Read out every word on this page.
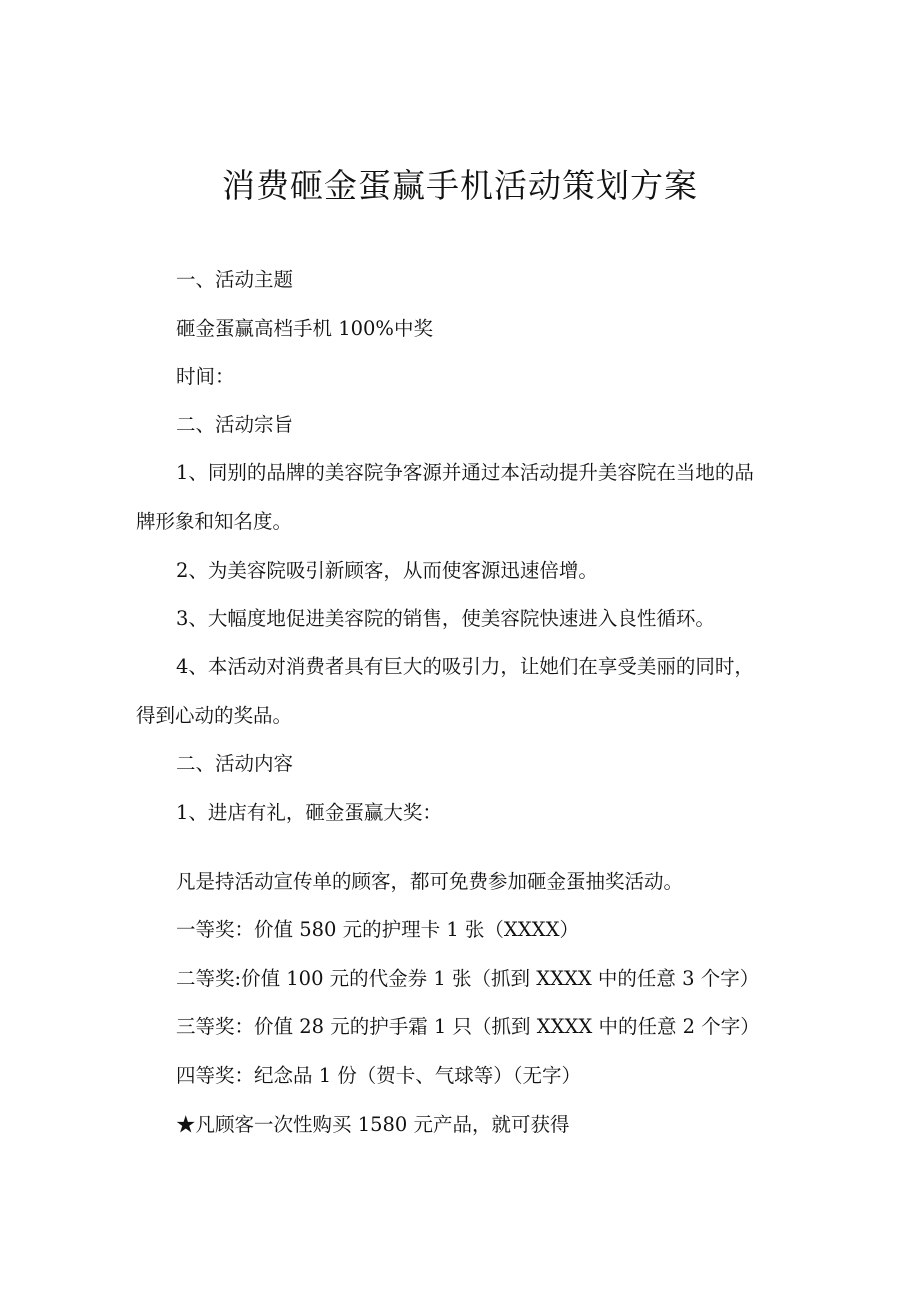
消费砸金蛋赢手机活动策划方案

一、活动主题

砸金蛋赢高档手机 100%中奖

时间：

二、活动宗旨

1、同别的品牌的美容院争客源并通过本活动提升美容院在当地的品

牌形象和知名度。

2、为美容院吸引新顾客，从而使客源迅速倍增。

3、大幅度地促进美容院的销售，使美容院快速进入良性循环。

4、本活动对消费者具有巨大的吸引力，让她们在享受美丽的同时，

得到心动的奖品。

二、活动内容

1、进店有礼，砸金蛋赢大奖：

凡是持活动宣传单的顾客，都可免费参加砸金蛋抽奖活动。

一等奖：价值 580 元的护理卡 1 张（XXXX）

二等奖:价值 100 元的代金券 1 张（抓到 XXXX 中的任意 3 个字）

三等奖：价值 28 元的护手霜 1 只（抓到 XXXX 中的任意 2 个字）

四等奖：纪念品 1 份（贺卡、气球等）（无字）

★凡顾客一次性购买 1580 元产品，就可获得
